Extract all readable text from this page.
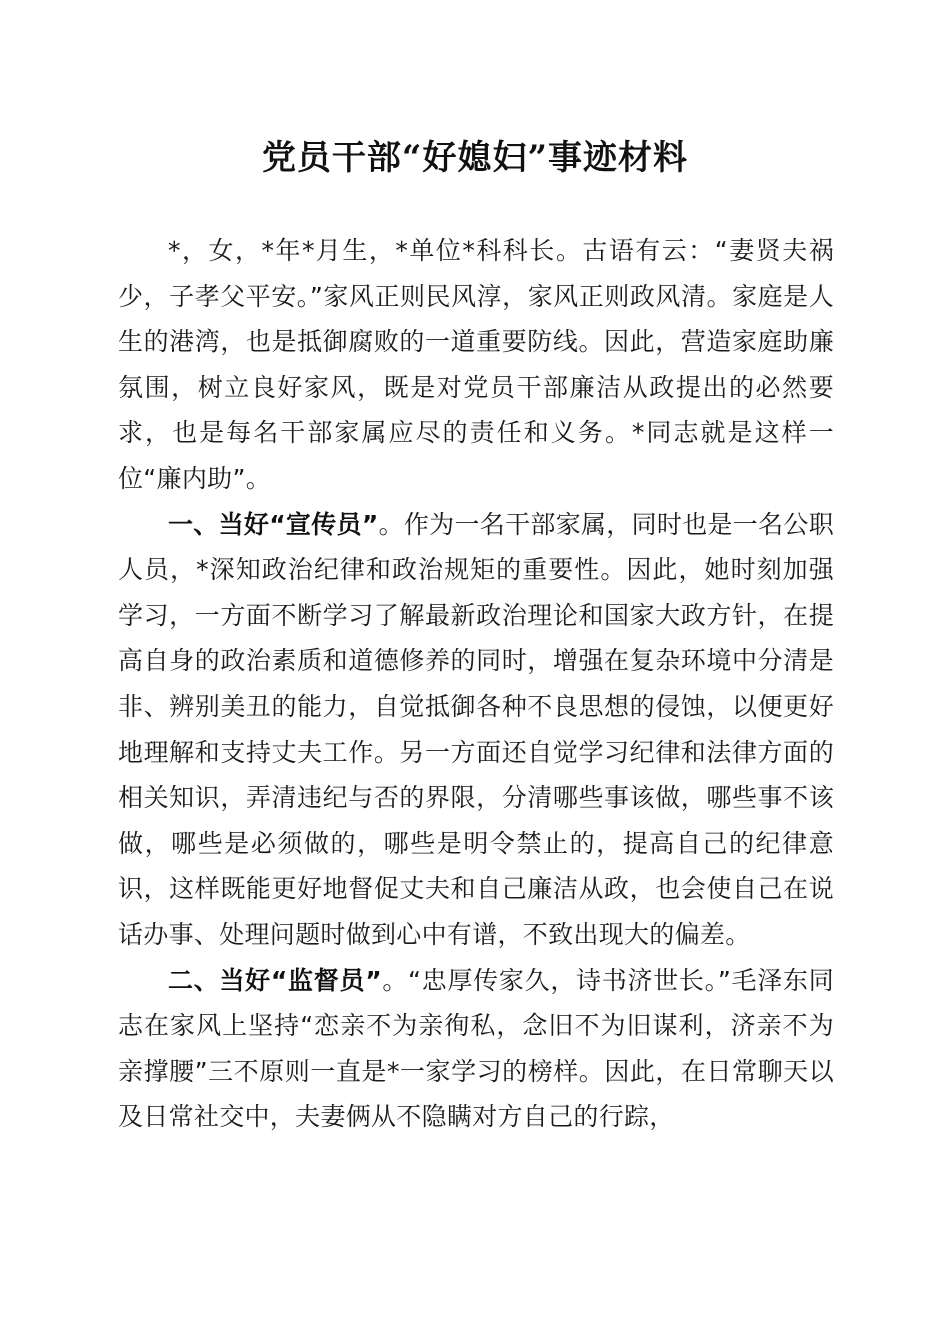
党员干部“好媳妇”事迹材料

*，女，*年*月生，*单位*科科长。古语有云：“妻贤夫祸少，子孝父平安。”家风正则民风淳，家风正则政风清。家庭是人生的港湾，也是抵御腐败的一道重要防线。因此，营造家庭助廉氛围，树立良好家风，既是对党员干部廉洁从政提出的必然要求，也是每名干部家属应尽的责任和义务。*同志就是这样一位“廉内助”。

一、当好“宣传员”。作为一名干部家属，同时也是一名公职人员，*深知政治纪律和政治规矩的重要性。因此，她时刻加强学习，一方面不断学习了解最新政治理论和国家大政方针，在提高自身的政治素质和道德修养的同时，增强在复杂环境中分清是非、辨别美丑的能力，自觉抵御各种不良思想的侵蚀，以便更好地理解和支持丈夫工作。另一方面还自觉学习纪律和法律方面的相关知识，弄清违纪与否的界限，分清哪些事该做，哪些事不该做，哪些是必须做的，哪些是明令禁止的，提高自己的纪律意识，这样既能更好地督促丈夫和自己廉洁从政，也会使自己在说话办事、处理问题时做到心中有谱，不致出现大的偏差。

二、当好“监督员”。“忠厚传家久，诗书济世长。”毛泽东同志在家风上坚持“恋亲不为亲徇私，念旧不为旧谋利，济亲不为亲撑腰”三不原则一直是*一家学习的榜样。因此，在日常聊天以及日常社交中，夫妻俩从不隐瞒对方自己的行踪，
